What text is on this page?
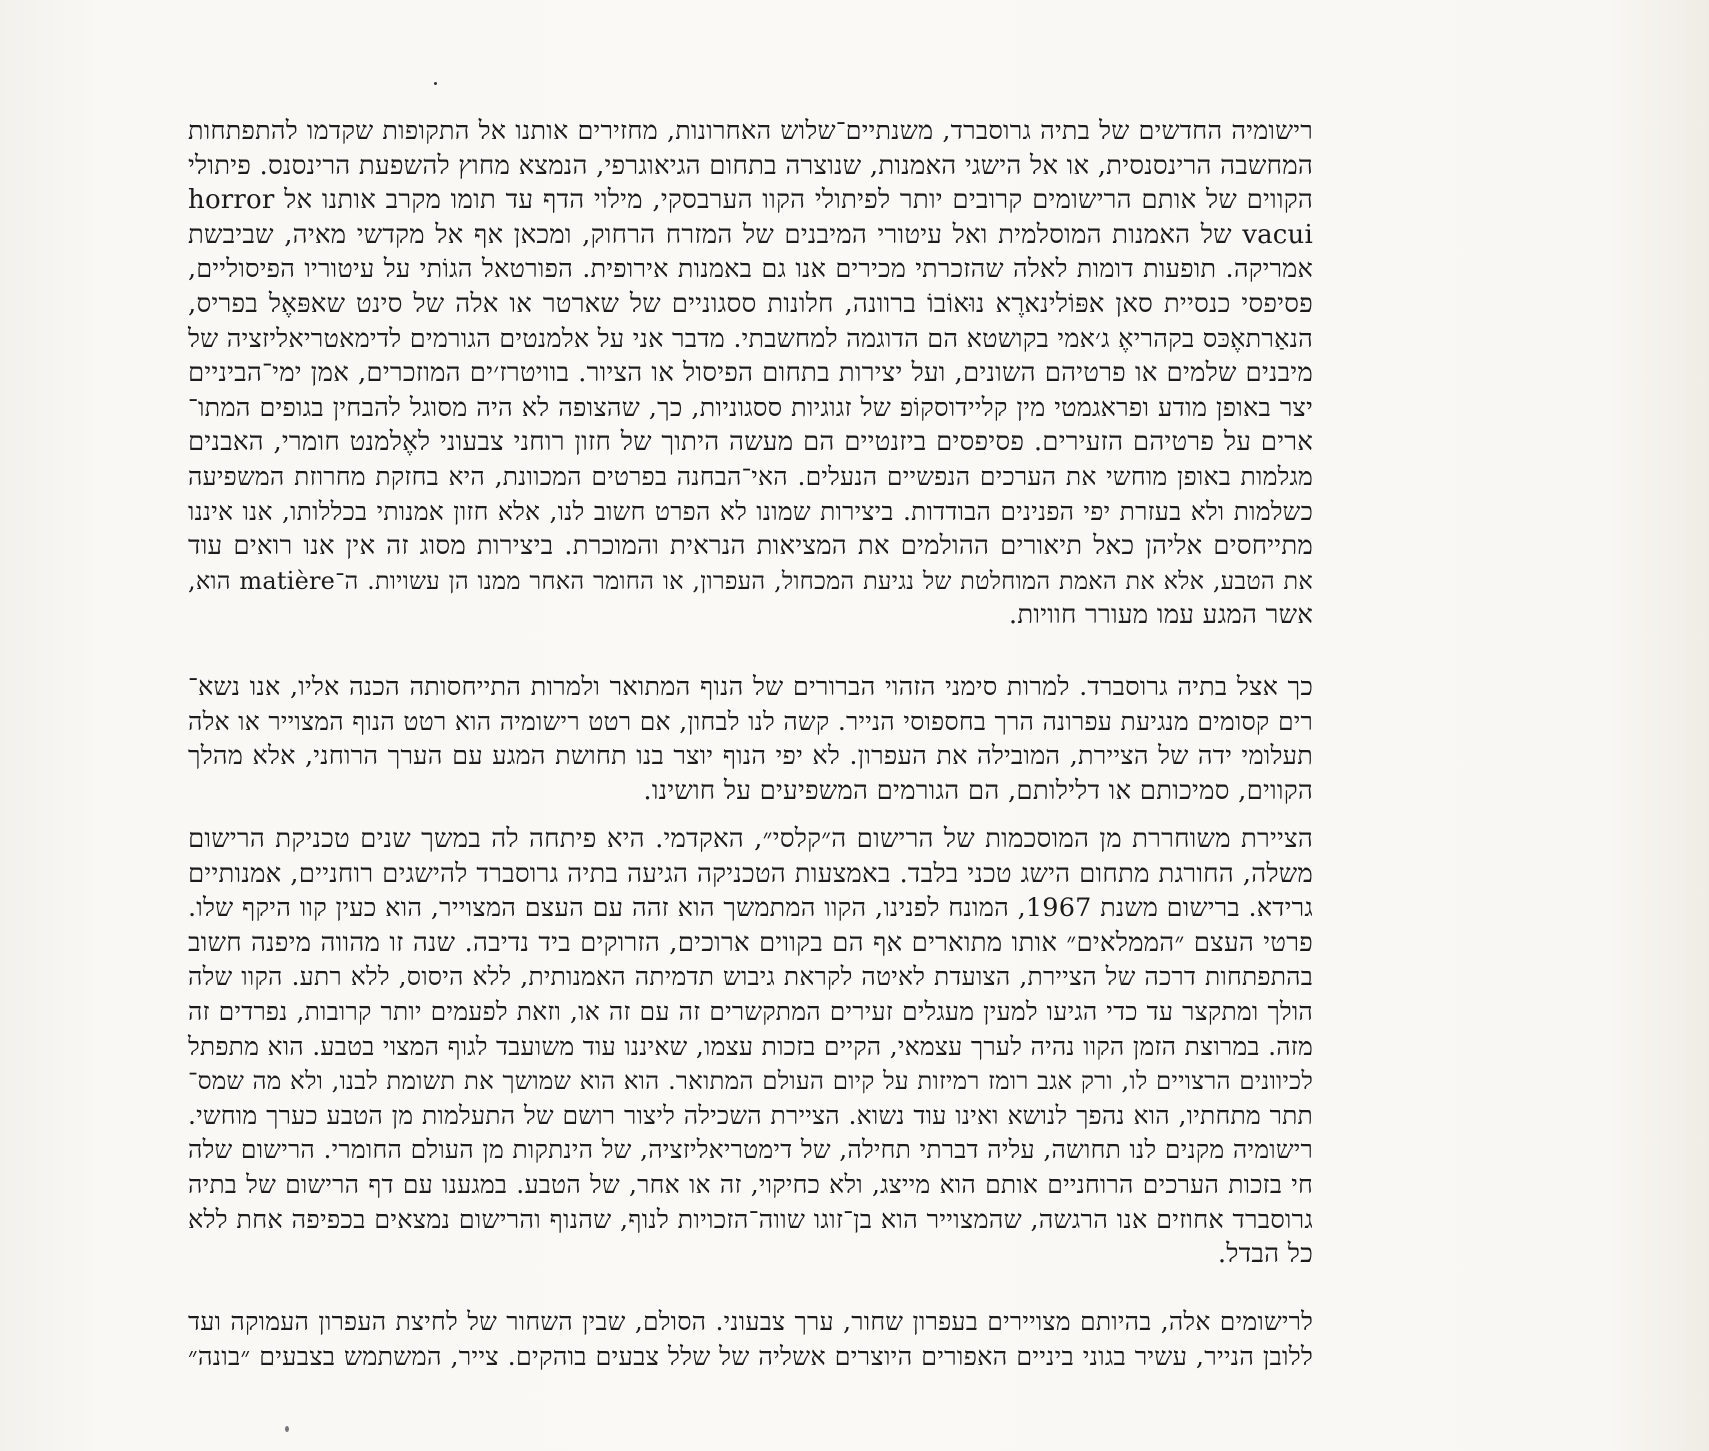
רישומיה החדשים של בתיה גרוסברד, משנתיים־שלוש האחרונות, מחזירים אותנו אל התקופות שקדמו להתפתחות
המחשבה הרינסנסית, או אל הישגי האמנות, שנוצרה בתחום הגיאוגרפי, הנמצא מחוץ להשפעת הרינסנס. פיתולי
הקווים של אותם הרישומים קרובים יותר לפיתולי הקוו הערבסקי, מילוי הדף עד תומו מקרב אותנו אל horror
vacui של האמנות המוסלמית ואל עיטורי המיבנים של המזרח הרחוק, ומכאן אף אל מקדשי מאיה, שביבשת
אמריקה. תופעות דומות לאלה שהזכרתי מכירים אנו גם באמנות אירופית. הפורטאל הגוֹתי על עיטוריו הפיסוליים,
פסיפסי כנסיית סאן אפּוֹלינארֶא נוּאוֹבוֹ ברוונה, חלונות ססגוניים של שארטר או אלה של סינט שאפּאֶל בפריס,
הנאַרתאֶכּס בקהריאֶ ג׳אמי בקושטא הם הדוגמה למחשבתי. מדבר אני על אלמנטים הגורמים לדימאטריאליזציה של
מיבנים שלמים או פרטיהם השונים, ועל יצירות בתחום הפיסול או הציור. בוויטרז׳ים המוזכרים, אמן ימי־הביניים
יצר באופן מודע ופראגמטי מין קליידוסקוֹפ של זגוגיות ססגוניות, כך, שהצופה לא היה מסוגל להבחין בגופים המתו־
ארים על פרטיהם הזעירים. פסיפסים ביזנטיים הם מעשה היתוך של חזון רוחני צבעוני לאֶלמנט חומרי, האבנים
מגלמות באופן מוחשי את הערכים הנפשיים הנעלים. האי־הבחנה בפרטים המכוונת, היא בחזקת מחרוזת המשפיעה
כשלמות ולא בעזרת יפי הפנינים הבודדות. ביצירות שמונו לא הפרט חשוב לנו, אלא חזון אמנותי בכללותו, אנו איננו
מתייחסים אליהן כאל תיאורים ההולמים את המציאות הנראית והמוכרת. ביצירות מסוג זה אין אנו רואים עוד
את הטבע, אלא את האמת המוחלטת של נגיעת המכחול, העפרון, או החומר האחר ממנו הן עשויות. ה־matière הוא,
אשר המגע עמו מעורר חוויות.
כך אצל בתיה גרוסברד. למרות סימני הזהוי הברורים של הנוף המתואר ולמרות התייחסותה הכנה אליו, אנו נשא־
רים קסומים מנגיעת עפרונה הרך בחספוסי הנייר. קשה לנו לבחון, אם רטט רישומיה הוא רטט הנוף המצוייר או אלה
תעלומי ידה של הציירת, המובילה את העפרון. לא יפי הנוף יוצר בנו תחושת המגע עם הערך הרוחני, אלא מהלך
הקווים, סמיכותם או דלילותם, הם הגורמים המשפיעים על חושינו.
הציירת משוחררת מן המוסכמות של הרישום ה״קלסי״, האקדמי. היא פיתחה לה במשך שנים טכניקת הרישום
משלה, החורגת מתחום הישג טכני בלבד. באמצעות הטכניקה הגיעה בתיה גרוסברד להישגים רוחניים, אמנותיים
גרידא. ברישום משנת 1967, המונח לפנינו, הקוו המתמשך הוא זהה עם העצם המצוייר, הוא כעין קוו היקף שלו.
פרטי העצם ״הממלאים״ אותו מתוארים אף הם בקווים ארוכים, הזרוקים ביד נדיבה. שנה זו מהווה מיפנה חשוב
בהתפתחות דרכה של הציירת, הצועדת לאיטה לקראת גיבוש תדמיתה האמנותית, ללא היסוס, ללא רתע. הקוו שלה
הולך ומתקצר עד כדי הגיעו למעין מעגלים זעירים המתקשרים זה עם זה או, וזאת לפעמים יותר קרובות, נפרדים זה
מזה. במרוצת הזמן הקוו נהיה לערך עצמאי, הקיים בזכות עצמו, שאיננו עוד משועבד לגוף המצוי בטבע. הוא מתפתל
לכיוונים הרצויים לו, ורק אגב רומז רמיזות על קיום העולם המתואר. הוא הוא שמושך את תשומת לבנו, ולא מה שמס־
תתר מתחתיו, הוא נהפך לנושא ואינו עוד נשוא. הציירת השכילה ליצור רושם של התעלמות מן הטבע כערך מוחשי.
רישומיה מקנים לנו תחושה, עליה דברתי תחילה, של דימטריאליזציה, של הינתקות מן העולם החומרי. הרישום שלה
חי בזכות הערכים הרוחניים אותם הוא מייצג, ולא כחיקוי, זה או אחר, של הטבע. במגענו עם דף הרישום של בתיה
גרוסברד אחוזים אנו הרגשה, שהמצוייר הוא בן־זוגו שווה־הזכויות לנוף, שהנוף והרישום נמצאים בכפיפה אחת ללא
כל הבדל.
לרישומים אלה, בהיותם מצויירים בעפרון שחור, ערך צבעוני. הסולם, שבין השחור של לחיצת העפרון העמוקה ועד
ללובן הנייר, עשיר בגוני ביניים האפורים היוצרים אשליה של שלל צבעים בוהקים. צייר, המשתמש בצבעים ״בונה״
